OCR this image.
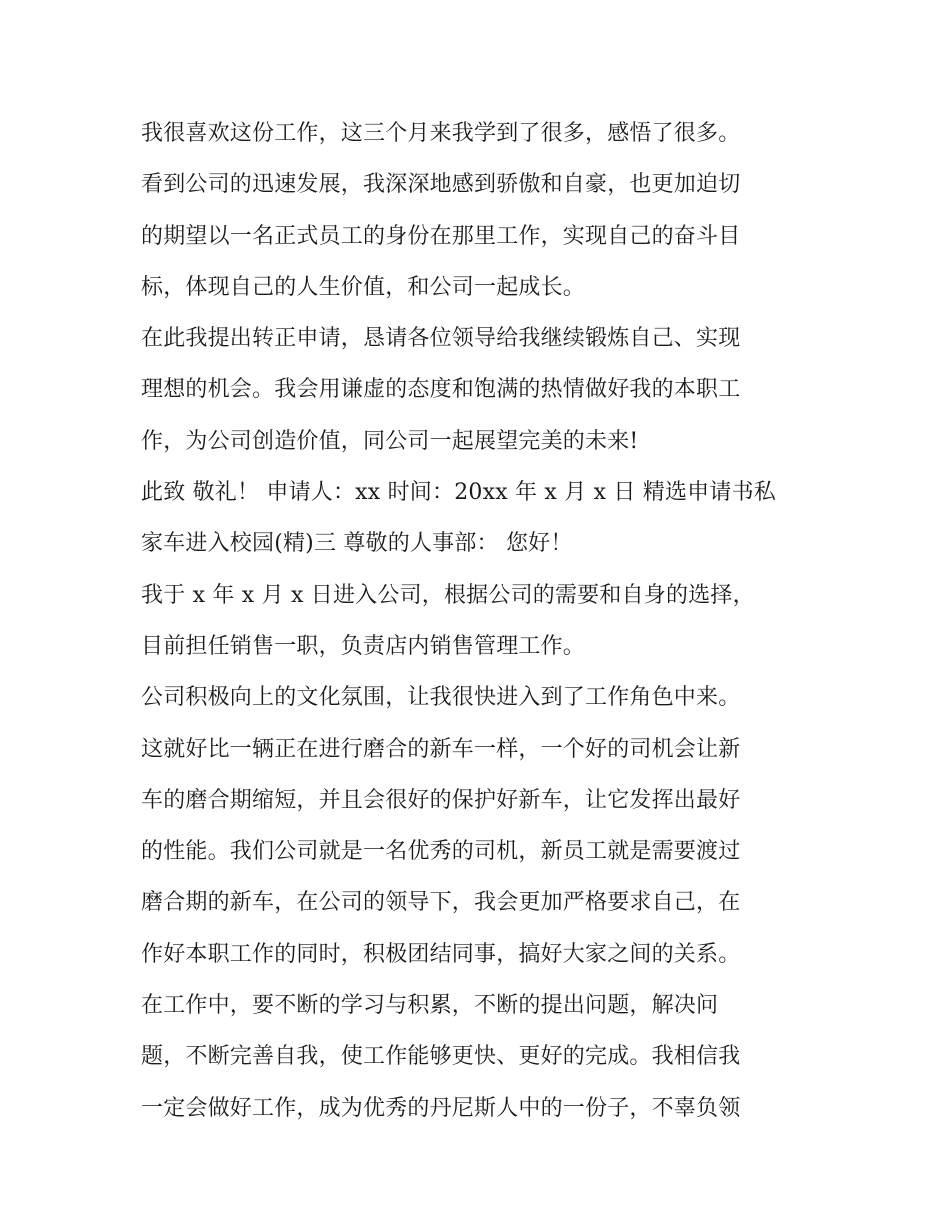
我很喜欢这份工作，这三个月来我学到了很多，感悟了很多。
看到公司的迅速发展，我深深地感到骄傲和自豪，也更加迫切
的期望以一名正式员工的身份在那里工作，实现自己的奋斗目
标，体现自己的人生价值，和公司一起成长。
在此我提出转正申请，恳请各位领导给我继续锻炼自己、实现
理想的机会。我会用谦虚的态度和饱满的热情做好我的本职工
作，为公司创造价值，同公司一起展望完美的未来!
此致 敬礼！ 申请人：xx 时间：20xx 年 x 月 x 日 精选申请书私
家车进入校园(精)三 尊敬的人事部： 您好！
我于 x 年 x 月 x 日进入公司，根据公司的需要和自身的选择，
目前担任销售一职，负责店内销售管理工作。
公司积极向上的文化氛围，让我很快进入到了工作角色中来。
这就好比一辆正在进行磨合的新车一样，一个好的司机会让新
车的磨合期缩短，并且会很好的保护好新车，让它发挥出最好
的性能。我们公司就是一名优秀的司机，新员工就是需要渡过
磨合期的新车，在公司的领导下，我会更加严格要求自己，在
作好本职工作的同时，积极团结同事，搞好大家之间的关系。
在工作中，要不断的学习与积累，不断的提出问题，解决问
题，不断完善自我，使工作能够更快、更好的完成。我相信我
一定会做好工作，成为优秀的丹尼斯人中的一份子，不辜负领
